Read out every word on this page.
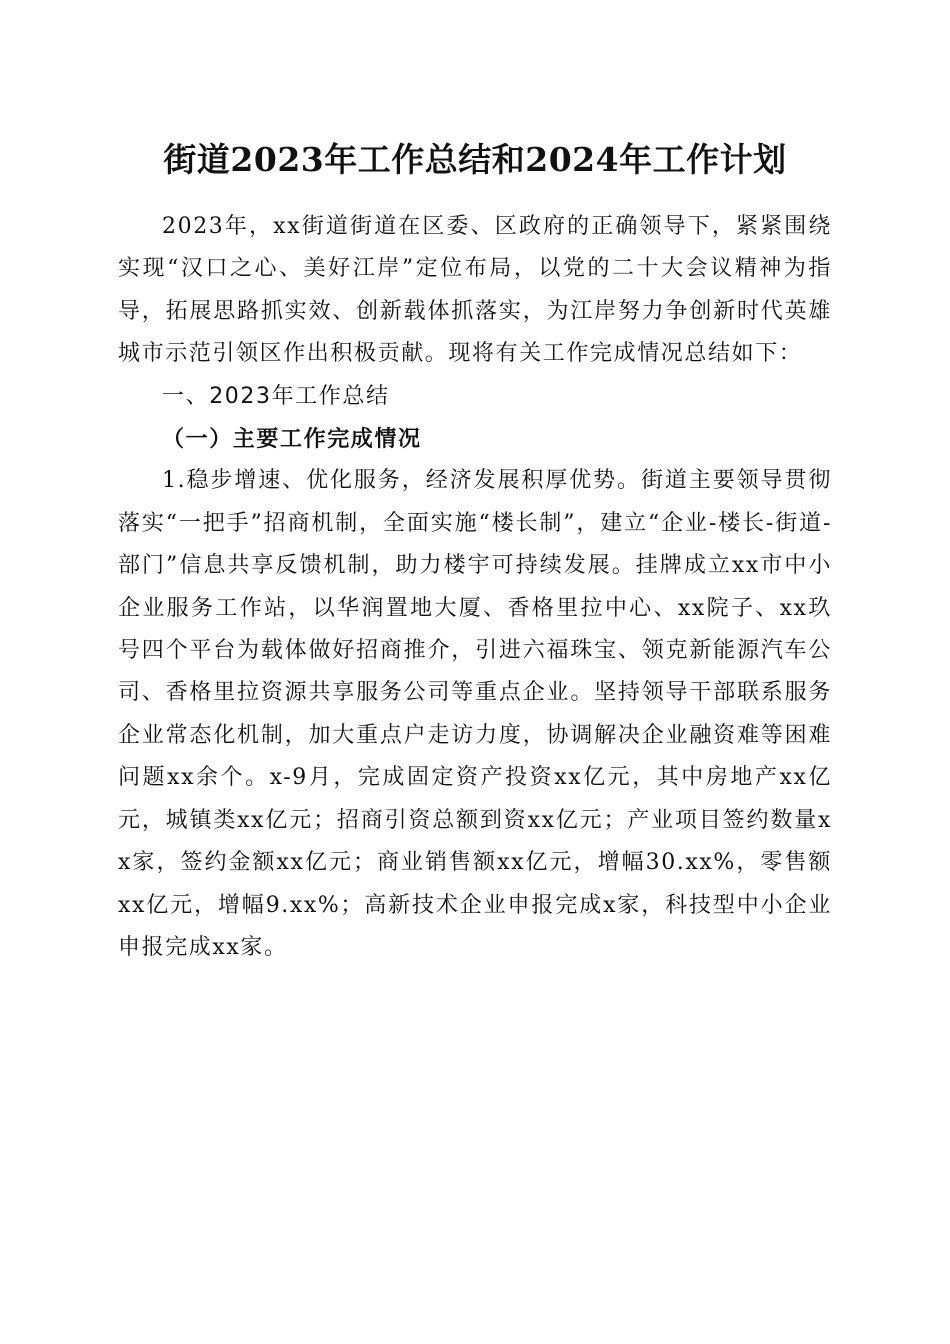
街道2023年工作总结和2024年工作计划

2023年，xx街道街道在区委、区政府的正确领导下，紧紧围绕实现“汉口之心、美好江岸”定位布局，以党的二十大会议精神为指导，拓展思路抓实效、创新载体抓落实，为江岸努力争创新时代英雄城市示范引领区作出积极贡献。现将有关工作完成情况总结如下：

一、2023年工作总结

（一）主要工作完成情况

1.稳步增速、优化服务，经济发展积厚优势。街道主要领导贯彻落实“一把手”招商机制，全面实施“楼长制”，建立“企业-楼长-街道-部门”信息共享反馈机制，助力楼宇可持续发展。挂牌成立xx市中小企业服务工作站，以华润置地大厦、香格里拉中心、xx院子、xx玖号四个平台为载体做好招商推介，引进六福珠宝、领克新能源汽车公司、香格里拉资源共享服务公司等重点企业。坚持领导干部联系服务企业常态化机制，加大重点户走访力度，协调解决企业融资难等困难问题xx余个。x-9月，完成固定资产投资xx亿元，其中房地产xx亿元，城镇类xx亿元；招商引资总额到资xx亿元；产业项目签约数量xx家，签约金额xx亿元；商业销售额xx亿元，增幅30.xx%，零售额xx亿元，增幅9.xx%；高新技术企业申报完成x家，科技型中小企业申报完成xx家。
